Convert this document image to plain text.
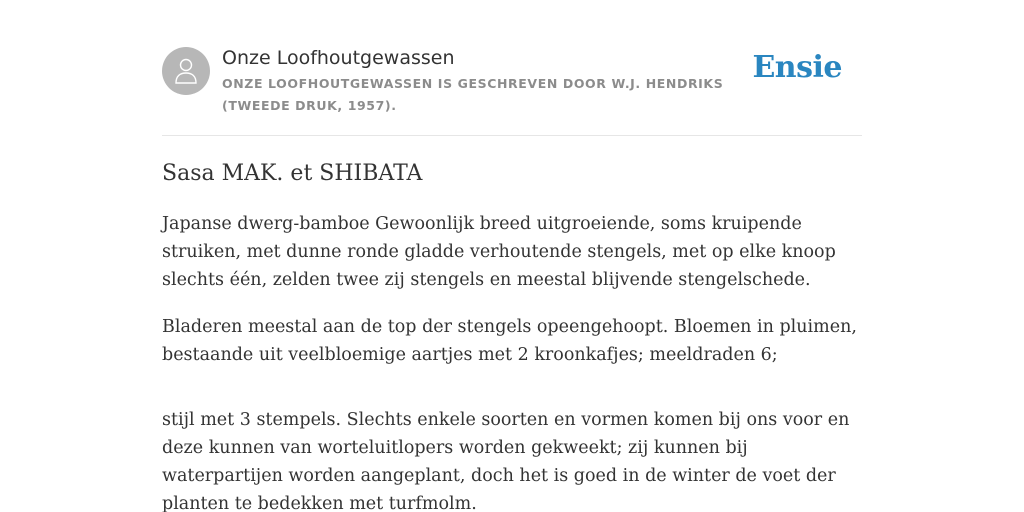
Onze Loofhoutgewassen
ONZE LOOFHOUTGEWASSEN IS GESCHREVEN DOOR W.J. HENDRIKS (TWEEDE DRUK, 1957).
Ensie
Sasa MAK. et SHIBATA

Japanse dwerg-bamboe Gewoonlijk breed uitgroeiende, soms kruipende struiken, met dunne ronde gladde verhoutende stengels, met op elke knoop slechts één, zelden twee zij stengels en meestal blijvende stengelschede.

Bladeren meestal aan de top der stengels opeengehoopt. Bloemen in pluimen, bestaande uit veelbloemige aartjes met 2 kroonkafjes; meeldraden 6;

stijl met 3 stempels. Slechts enkele soorten en vormen komen bij ons voor en deze kunnen van worteluitlopers worden gekweekt; zij kunnen bij waterpartijen worden aangeplant, doch het is goed in de winter de voet der planten te bedekken met turfmolm.
